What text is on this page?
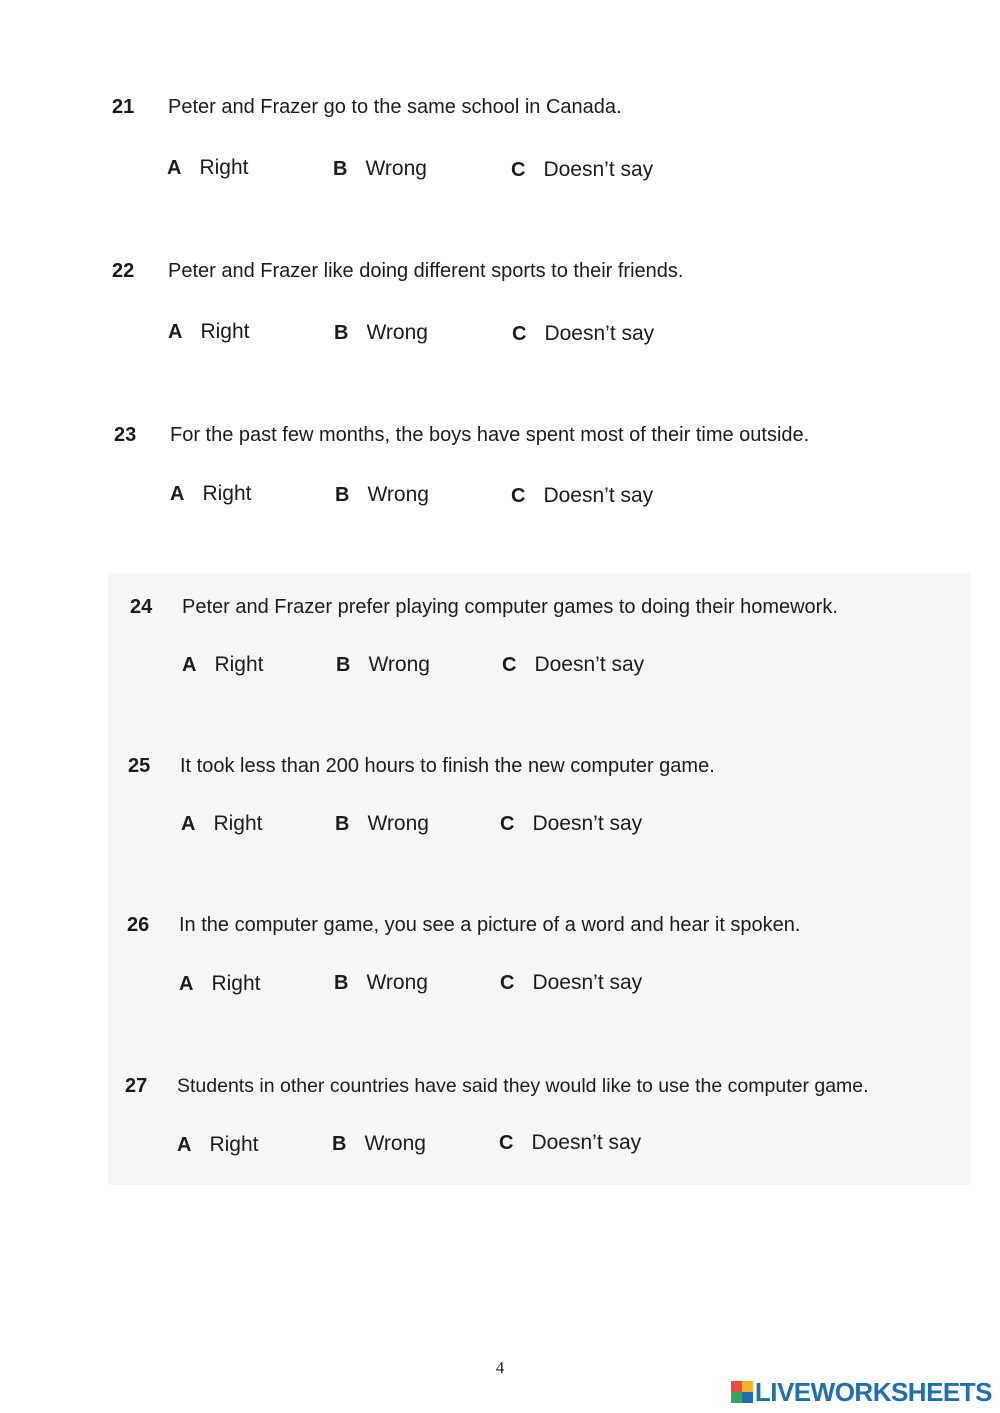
21 Peter and Frazer go to the same school in Canada.
A Right	B Wrong	C Doesn’t say
22 Peter and Frazer like doing different sports to their friends.
A Right	B Wrong	C Doesn’t say
23 For the past few months, the boys have spent most of their time outside.
A Right	B Wrong	C Doesn’t say
24 Peter and Frazer prefer playing computer games to doing their homework.
A Right	B Wrong	C Doesn’t say
25 It took less than 200 hours to finish the new computer game.
A Right	B Wrong	C Doesn’t say
26 In the computer game, you see a picture of a word and hear it spoken.
A Right	B Wrong	C Doesn’t say
27 Students in other countries have said they would like to use the computer game.
A Right	B Wrong	C Doesn’t say
4
LIVEWORKSHEETS
